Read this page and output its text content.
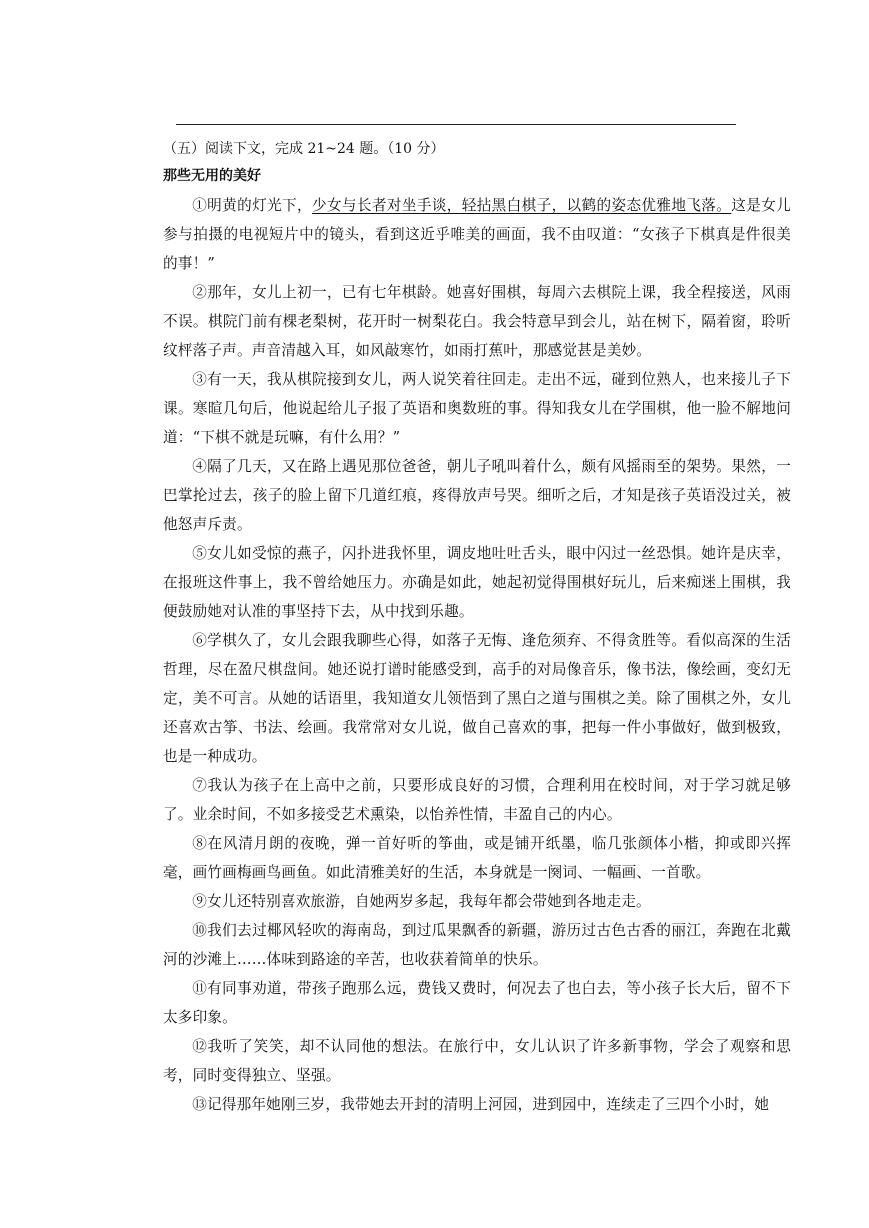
（五）阅读下文，完成 21~24 题。（10 分）
那些无用的美好

①明黄的灯光下，少女与长者对坐手谈，轻拈黑白棋子，以鹤的姿态优雅地飞落。这是女儿参与拍摄的电视短片中的镜头，看到这近乎唯美的画面，我不由叹道：“女孩子下棋真是件很美的事！”

②那年，女儿上初一，已有七年棋龄。她喜好围棋，每周六去棋院上课，我全程接送，风雨不误。棋院门前有棵老梨树，花开时一树梨花白。我会特意早到会儿，站在树下，隔着窗，聆听纹枰落子声。声音清越入耳，如风敲寒竹，如雨打蕉叶，那感觉甚是美妙。

③有一天，我从棋院接到女儿，两人说笑着往回走。走出不远，碰到位熟人，也来接儿子下课。寒暄几句后，他说起给儿子报了英语和奥数班的事。得知我女儿在学围棋，他一脸不解地问道：“下棋不就是玩嘛，有什么用？”

④隔了几天，又在路上遇见那位爸爸，朝儿子吼叫着什么，颇有风摇雨至的架势。果然，一巴掌抡过去，孩子的脸上留下几道红痕，疼得放声号哭。细听之后，才知是孩子英语没过关，被他怒声斥责。

⑤女儿如受惊的燕子，闪扑进我怀里，调皮地吐吐舌头，眼中闪过一丝恐惧。她许是庆幸，在报班这件事上，我不曾给她压力。亦确是如此，她起初觉得围棋好玩儿，后来痴迷上围棋，我便鼓励她对认准的事坚持下去，从中找到乐趣。

⑥学棋久了，女儿会跟我聊些心得，如落子无悔、逢危须弃、不得贪胜等。看似高深的生活哲理，尽在盈尺棋盘间。她还说打谱时能感受到，高手的对局像音乐，像书法，像绘画，变幻无定，美不可言。从她的话语里，我知道女儿领悟到了黑白之道与围棋之美。除了围棋之外，女儿还喜欢古筝、书法、绘画。我常常对女儿说，做自己喜欢的事，把每一件小事做好，做到极致，也是一种成功。

⑦我认为孩子在上高中之前，只要形成良好的习惯，合理利用在校时间，对于学习就足够了。业余时间，不如多接受艺术熏染，以怡养性情，丰盈自己的内心。

⑧在风清月朗的夜晚，弹一首好听的筝曲，或是铺开纸墨，临几张颜体小楷，抑或即兴挥毫，画竹画梅画鸟画鱼。如此清雅美好的生活，本身就是一阕词、一幅画、一首歌。

⑨女儿还特别喜欢旅游，自她两岁多起，我每年都会带她到各地走走。

⑩我们去过椰风轻吹的海南岛，到过瓜果飘香的新疆，游历过古色古香的丽江，奔跑在北戴河的沙滩上……体味到路途的辛苦，也收获着简单的快乐。

⑪有同事劝道，带孩子跑那么远，费钱又费时，何况去了也白去，等小孩子长大后，留不下太多印象。

⑫我听了笑笑，却不认同他的想法。在旅行中，女儿认识了许多新事物，学会了观察和思考，同时变得独立、坚强。

⑬记得那年她刚三岁，我带她去开封的清明上河园，进到园中，连续走了三四个小时，她
